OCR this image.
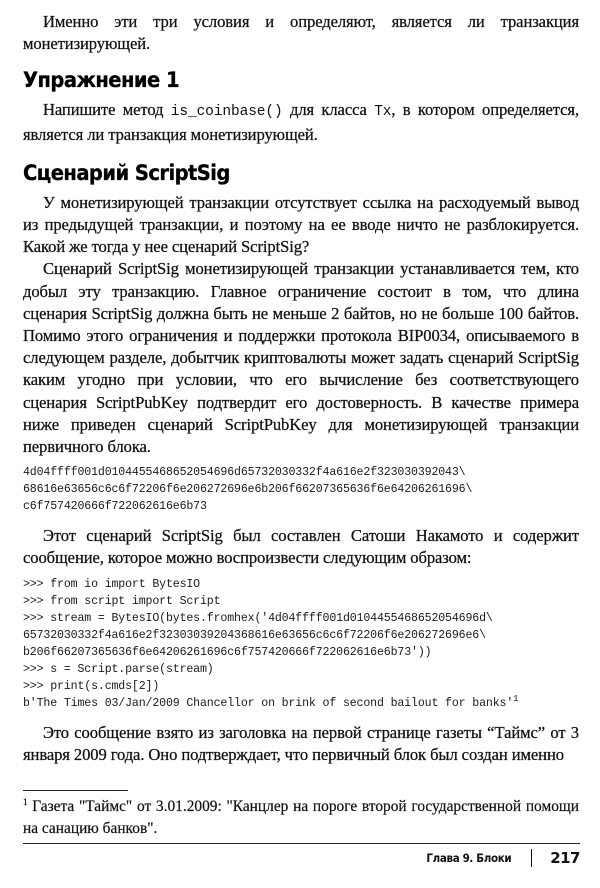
Именно эти три условия и определяют, является ли транзакция монетизирующей.

Упражнение 1

Напишите метод is_coinbase() для класса Tx, в котором определяется, является ли транзакция монетизирующей.

Сценарий ScriptSig

У монетизирующей транзакции отсутствует ссылка на расходуемый вывод из предыдущей транзакции, и поэтому на ее вводе ничто не разблокируется. Какой же тогда у нее сценарий ScriptSig?

Сценарий ScriptSig монетизирующей транзакции устанавливается тем, кто добыл эту транзакцию. Главное ограничение состоит в том, что длина сценария ScriptSig должна быть не меньше 2 байтов, но не больше 100 байтов. Помимо этого ограничения и поддержки протокола BIP0034, описываемого в следующем разделе, добытчик криптовалюты может задать сценарий ScriptSig каким угодно при условии, что его вычисление без соответствующего сценария ScriptPubKey подтвердит его достоверность. В качестве примера ниже приведен сценарий ScriptPubKey для монетизирующей транзакции первичного блока.

4d04ffff001d0104455468652054696d65732030332f4a616e2f323030392043\
68616e63656c6c6f72206f6e206272696e6b206f66207365636f6e64206261696\
c6f757420666f722062616e6b73

Этот сценарий ScriptSig был составлен Сатоши Накамото и содержит сообщение, которое можно воспроизвести следующим образом:

>>> from io import BytesIO
>>> from script import Script
>>> stream = BytesIO(bytes.fromhex('4d04ffff001d0104455468652054696d\
65732030332f4a616e2f32303039204368616e63656c6c6f72206f6e206272696e6\
b206f66207365636f6e64206261696c6f757420666f722062616e6b73'))
>>> s = Script.parse(stream)
>>> print(s.cmds[2])
b'The Times 03/Jan/2009 Chancellor on brink of second bailout for banks'$^1$

Это сообщение взято из заголовка на первой странице газеты “Таймс” от 3 января 2009 года. Оно подтверждает, что первичный блок был создан именно

$^1$ Газета "Таймс" от 3.01.2009: "Канцлер на пороге второй государственной помощи на санацию банков".
Глава 9. Блоки	217
